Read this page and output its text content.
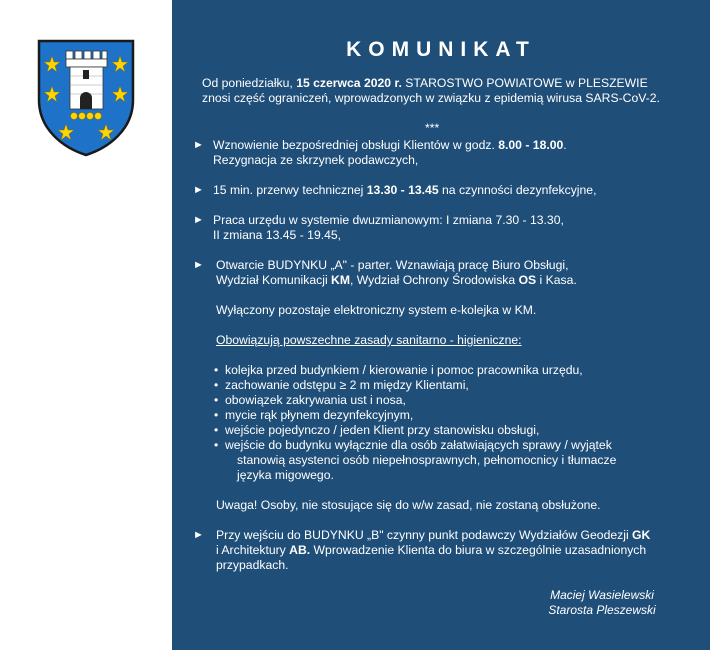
KOMUNIKAT
Od poniedziałku, 15 czerwca 2020 r. STAROSTWO POWIATOWE w PLESZEWIE
znosi część ograniczeń, wprowadzonych w związku z epidemią wirusa SARS-CoV-2.
***
► Wznowienie bezpośredniej obsługi Klientów w godz. 8.00 - 18.00.
Rezygnacja ze skrzynek podawczych,
► 15 min. przerwy technicznej 13.30 - 13.45 na czynności dezynfekcyjne,
► Praca urzędu w systemie dwuzmianowym: I zmiana 7.30 - 13.30,
II zmiana 13.45 - 19.45,
► Otwarcie BUDYNKU „A" - parter. Wznawiają pracę Biuro Obsługi,
Wydział Komunikacji KM, Wydział Ochrony Środowiska OS i Kasa.
Wyłączony pozostaje elektroniczny system e-kolejka w KM.
Obowiązują powszechne zasady sanitarno - higieniczne:
• kolejka przed budynkiem / kierowanie i pomoc pracownika urzędu,
• zachowanie odstępu ≥ 2 m między Klientami,
• obowiązek zakrywania ust i nosa,
• mycie rąk płynem dezynfekcyjnym,
• wejście pojedynczo / jeden Klient przy stanowisku obsługi,
• wejście do budynku wyłącznie dla osób załatwiających sprawy / wyjątek
stanowią asystenci osób niepełnosprawnych, pełnomocnicy i tłumacze
języka migowego.
Uwaga! Osoby, nie stosujące się do w/w zasad, nie zostaną obsłużone.
► Przy wejściu do BUDYNKU „B" czynny punkt podawczy Wydziałów Geodezji GK
i Architektury AB. Wprowadzenie Klienta do biura w szczególnie uzasadnionych
przypadkach.
Maciej Wasielewski
Starosta Pleszewski
